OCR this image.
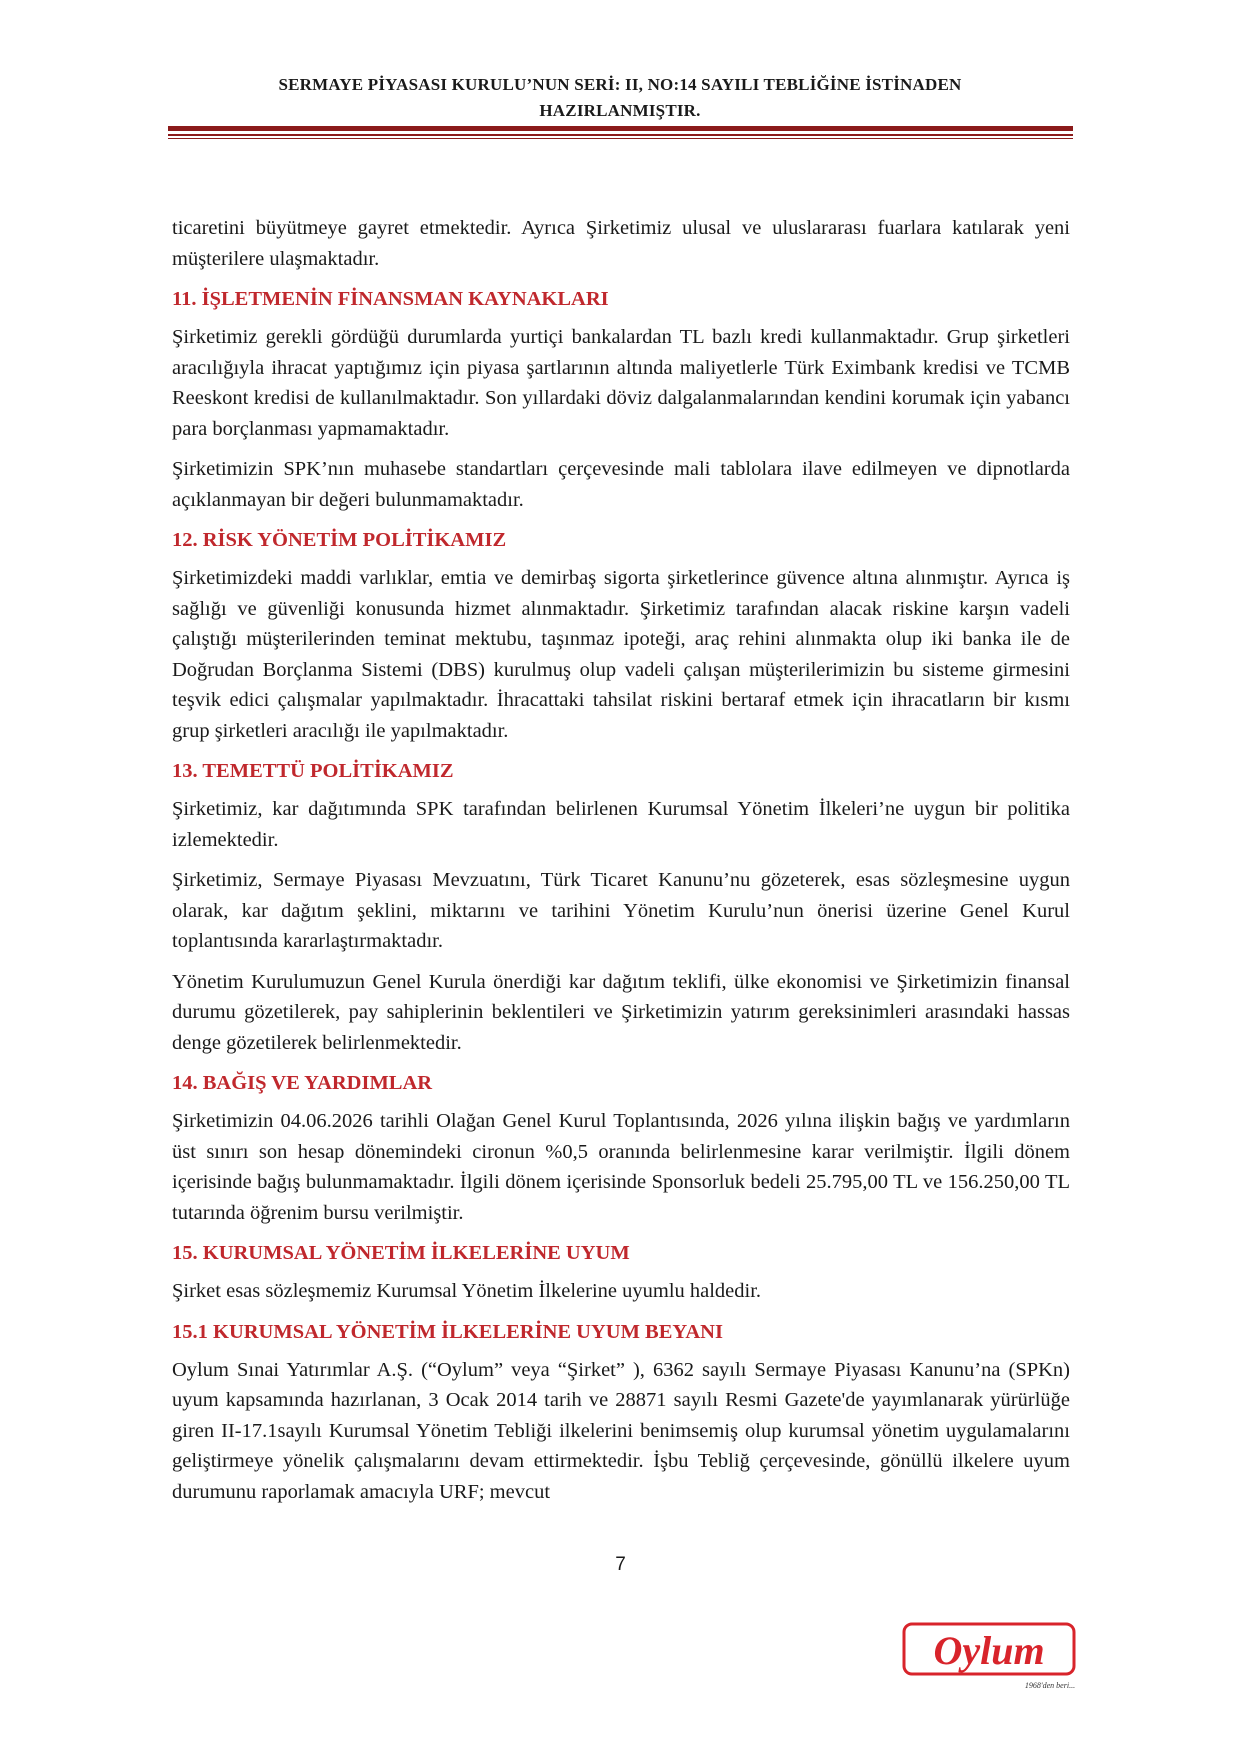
SERMAYE PİYASASI KURULU’NUN SERİ: II, NO:14 SAYILI TEBLİĞİNE İSTİNADEN
HAZIRLANMIŞTIR.

ticaretini büyütmeye gayret etmektedir. Ayrıca Şirketimiz ulusal ve uluslararası fuarlara katılarak yeni müşterilere ulaşmaktadır.

11. İŞLETMENİN FİNANSMAN KAYNAKLARI

Şirketimiz gerekli gördüğü durumlarda yurtiçi bankalardan TL bazlı kredi kullanmaktadır. Grup şirketleri aracılığıyla ihracat yaptığımız için piyasa şartlarının altında maliyetlerle Türk Eximbank kredisi ve TCMB Reeskont kredisi de kullanılmaktadır. Son yıllardaki döviz dalgalanmalarından kendini korumak için yabancı para borçlanması yapmamaktadır.

Şirketimizin SPK’nın muhasebe standartları çerçevesinde mali tablolara ilave edilmeyen ve dipnotlarda açıklanmayan bir değeri bulunmamaktadır.

12. RİSK YÖNETİM POLİTİKAMIZ

Şirketimizdeki maddi varlıklar, emtia ve demirbaş sigorta şirketlerince güvence altına alınmıştır. Ayrıca iş sağlığı ve güvenliği konusunda hizmet alınmaktadır. Şirketimiz tarafından alacak riskine karşın vadeli çalıştığı müşterilerinden teminat mektubu, taşınmaz ipoteği, araç rehini alınmakta olup iki banka ile de Doğrudan Borçlanma Sistemi (DBS) kurulmuş olup vadeli çalışan müşterilerimizin bu sisteme girmesini teşvik edici çalışmalar yapılmaktadır. İhracattaki tahsilat riskini bertaraf etmek için ihracatların bir kısmı grup şirketleri aracılığı ile yapılmaktadır.

13. TEMETTÜ POLİTİKAMIZ

Şirketimiz, kar dağıtımında SPK tarafından belirlenen Kurumsal Yönetim İlkeleri’ne uygun bir politika izlemektedir.

Şirketimiz, Sermaye Piyasası Mevzuatını, Türk Ticaret Kanunu’nu gözeterek, esas sözleşmesine uygun olarak, kar dağıtım şeklini, miktarını ve tarihini Yönetim Kurulu’nun önerisi üzerine Genel Kurul toplantısında kararlaştırmaktadır.

Yönetim Kurulumuzun Genel Kurula önerdiği kar dağıtım teklifi, ülke ekonomisi ve Şirketimizin finansal durumu gözetilerek, pay sahiplerinin beklentileri ve Şirketimizin yatırım gereksinimleri arasındaki hassas denge gözetilerek belirlenmektedir.

14. BAĞIŞ VE YARDIMLAR

Şirketimizin 04.06.2026 tarihli Olağan Genel Kurul Toplantısında, 2026 yılına ilişkin bağış ve yardımların üst sınırı son hesap dönemindeki cironun %0,5 oranında belirlenmesine karar verilmiştir. İlgili dönem içerisinde bağış bulunmamaktadır. İlgili dönem içerisinde Sponsorluk bedeli 25.795,00 TL ve 156.250,00 TL tutarında öğrenim bursu verilmiştir.

15. KURUMSAL YÖNETİM İLKELERİNE UYUM

Şirket esas sözleşmemiz Kurumsal Yönetim İlkelerine uyumlu haldedir.

15.1 KURUMSAL YÖNETİM İLKELERİNE UYUM BEYANI

Oylum Sınai Yatırımlar A.Ş. (“Oylum” veya “Şirket” ), 6362 sayılı Sermaye Piyasası Kanunu’na (SPKn) uyum kapsamında hazırlanan, 3 Ocak 2014 tarih ve 28871 sayılı Resmi Gazete'de yayımlanarak yürürlüğe giren II-17.1sayılı Kurumsal Yönetim Tebliği ilkelerini benimsemiş olup kurumsal yönetim uygulamalarını geliştirmeye yönelik çalışmalarını devam ettirmektedir. İşbu Tebliğ çerçevesinde, gönüllü ilkelere uyum durumunu raporlamak amacıyla URF; mevcut

7
Oylum
1968'den beri...
